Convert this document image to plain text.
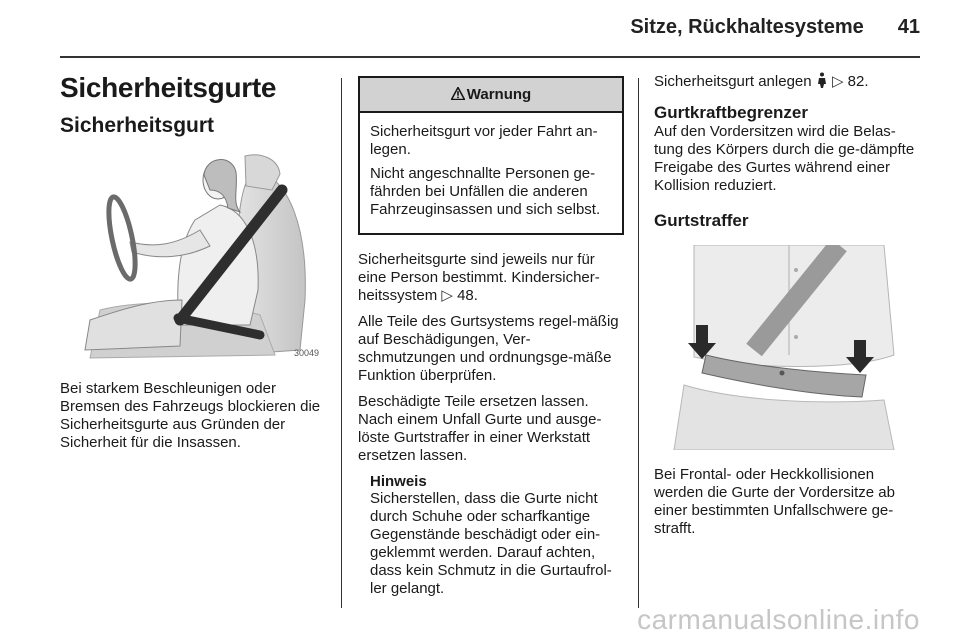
Sitze, Rückhaltesysteme 41
Sicherheitsgurte
Sicherheitsgurt
30049

Bei starkem Beschleunigen oder Bremsen des Fahrzeugs blockieren die Sicherheitsgurte aus Gründen der Sicherheit für die Insassen.

Warnung

Sicherheitsgurt vor jeder Fahrt an-legen.

Nicht angeschnallte Personen ge-fährden bei Unfällen die anderen Fahrzeuginsassen und sich selbst.

Sicherheitsgurte sind jeweils nur für eine Person bestimmt. Kindersicher-heitssystem ▷ 48.

Alle Teile des Gurtsystems regel-mäßig auf Beschädigungen, Ver-schmutzungen und ordnungsge-mäße Funktion überprüfen.

Beschädigte Teile ersetzen lassen. Nach einem Unfall Gurte und ausge-löste Gurtstraffer in einer Werkstatt ersetzen lassen.

Hinweis

Sicherstellen, dass die Gurte nicht durch Schuhe oder scharfkantige Gegenstände beschädigt oder ein-geklemmt werden. Darauf achten, dass kein Schmutz in die Gurtaufrol-ler gelangt.

Sicherheitsgurt anlegen ▷ 82.

Gurtkraftbegrenzer

Auf den Vordersitzen wird die Belas-tung des Körpers durch die ge-dämpfte Freigabe des Gurtes während einer Kollision reduziert.

Gurtstraffer

Bei Frontal- oder Heckkollisionen werden die Gurte der Vordersitze ab einer bestimmten Unfallschwere ge-strafft.

carmanualsonline.info
